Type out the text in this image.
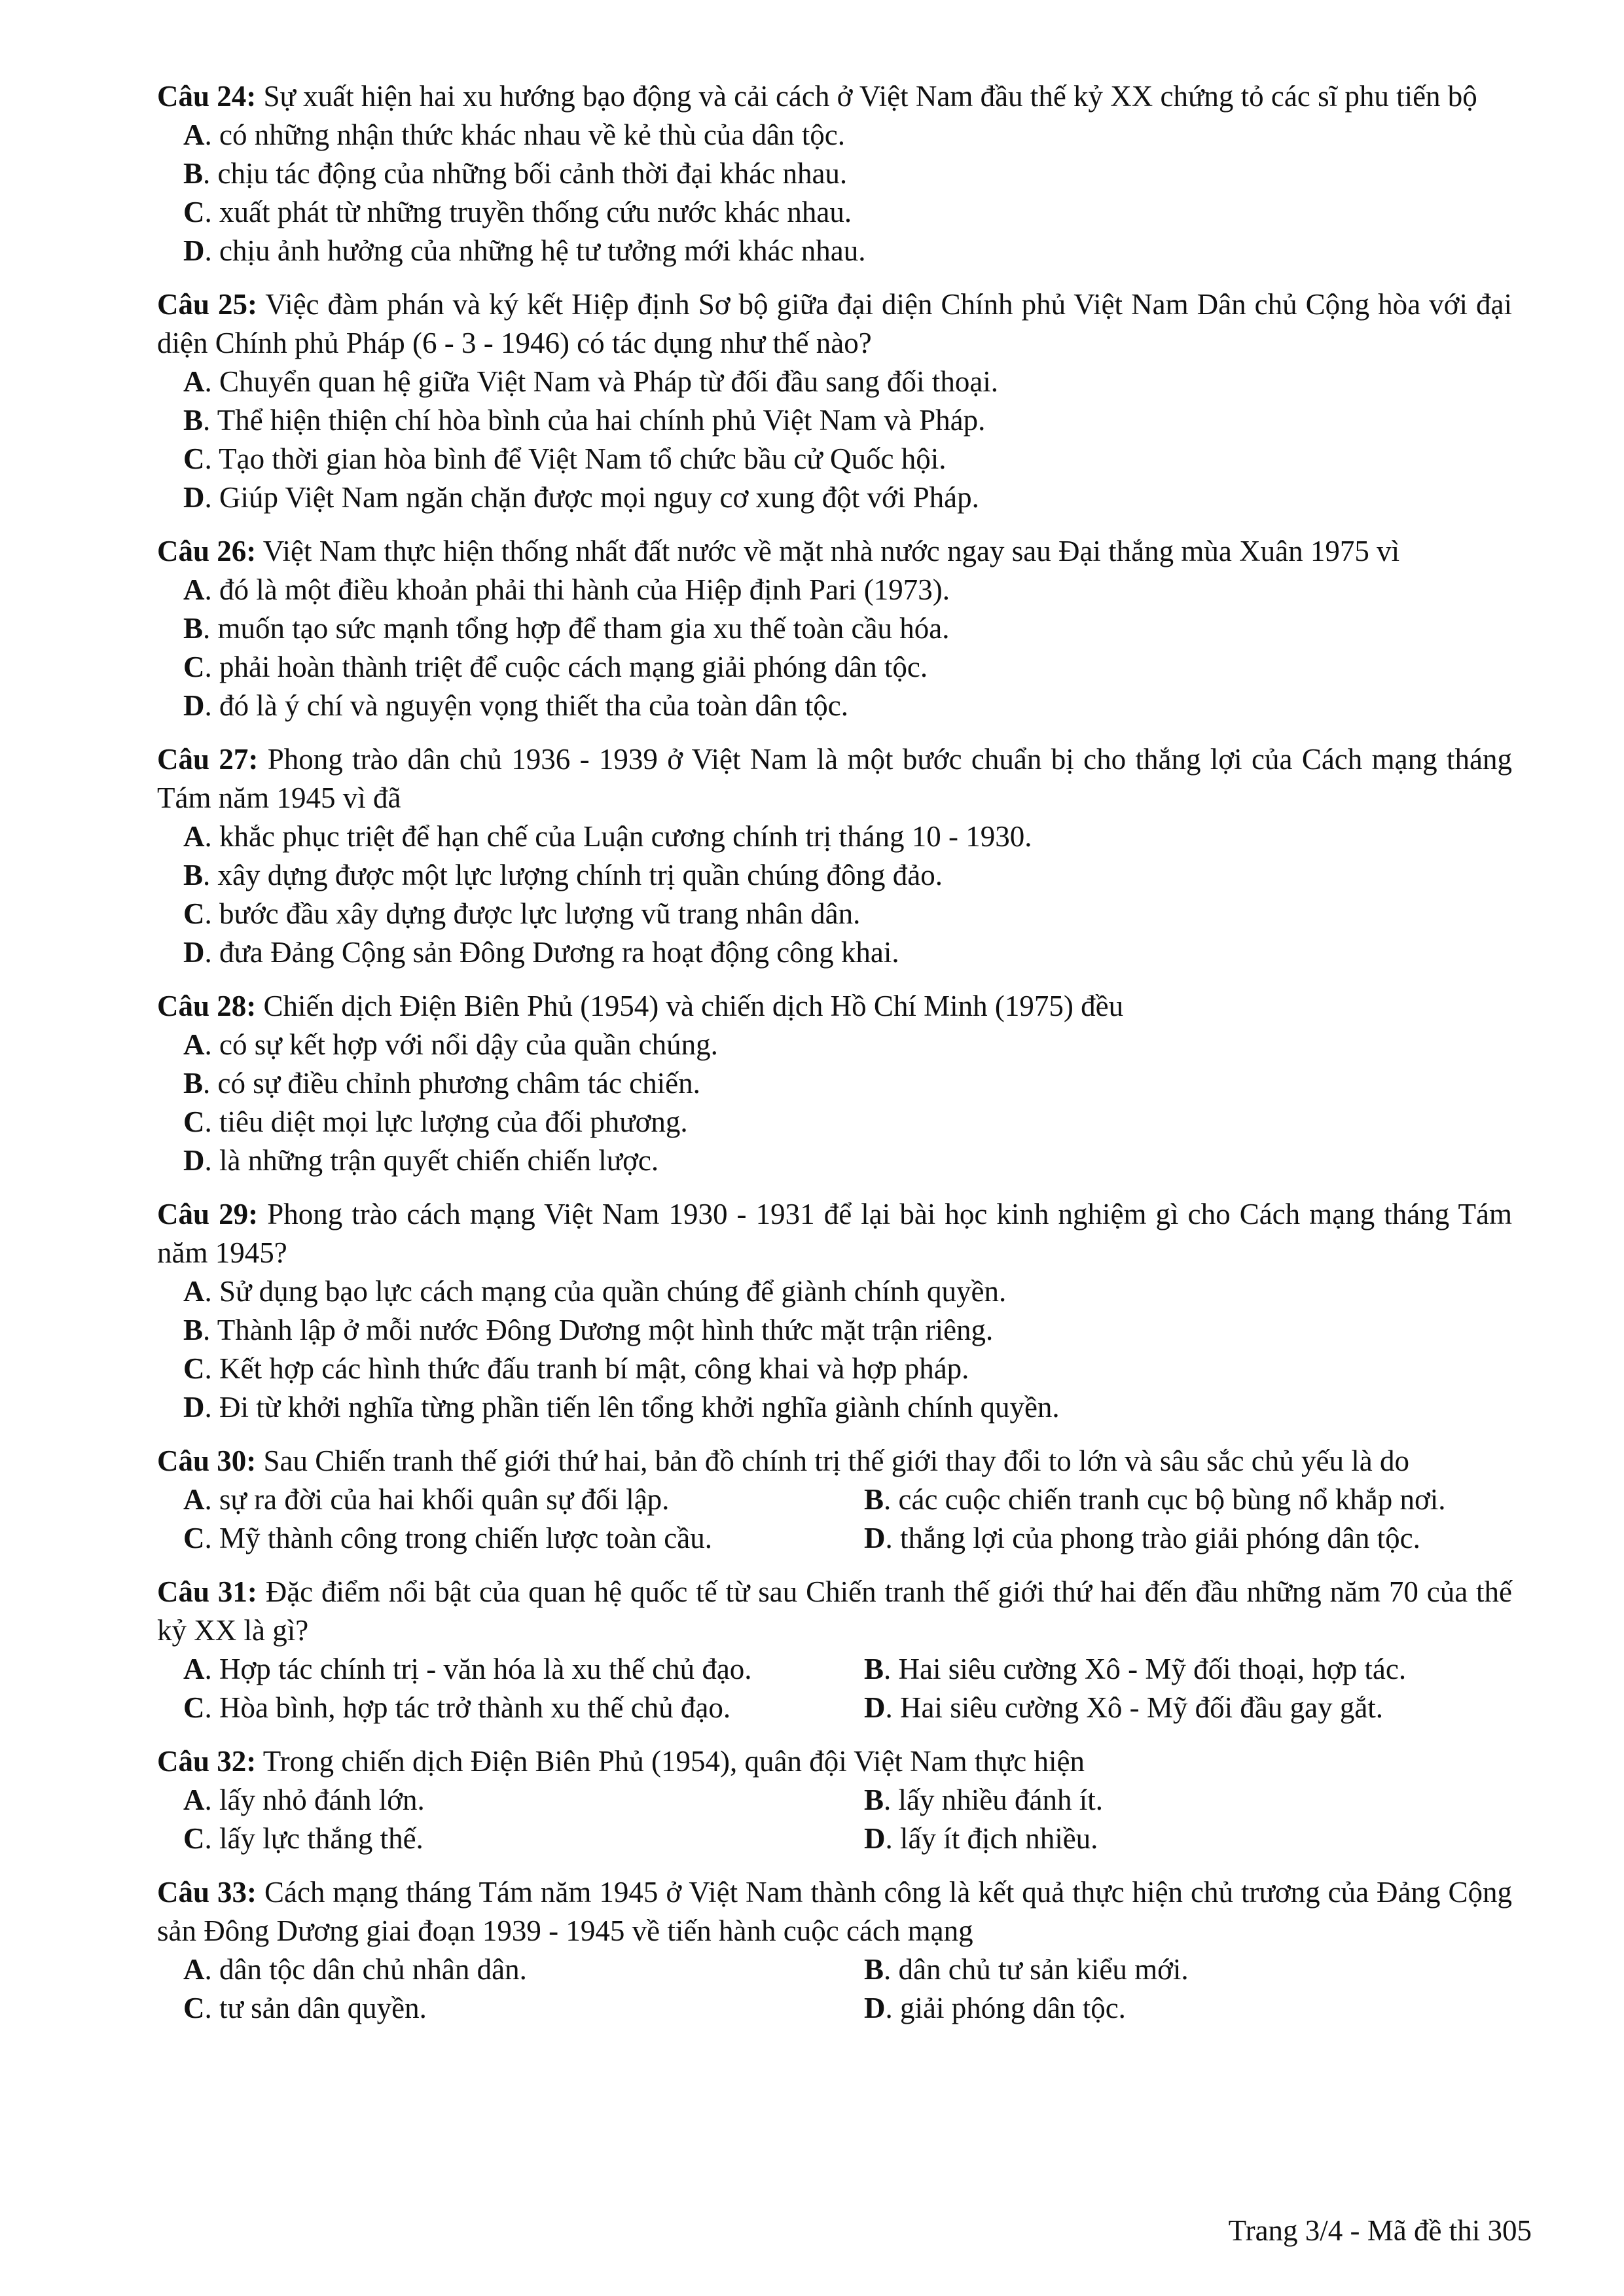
Câu 24: Sự xuất hiện hai xu hướng bạo động và cải cách ở Việt Nam đầu thế kỷ XX chứng tỏ các sĩ phu tiến bộ

A. có những nhận thức khác nhau về kẻ thù của dân tộc.
B. chịu tác động của những bối cảnh thời đại khác nhau.
C. xuất phát từ những truyền thống cứu nước khác nhau.
D. chịu ảnh hưởng của những hệ tư tưởng mới khác nhau.

Câu 25: Việc đàm phán và ký kết Hiệp định Sơ bộ giữa đại diện Chính phủ Việt Nam Dân chủ Cộng hòa với đại diện Chính phủ Pháp (6 - 3 - 1946) có tác dụng như thế nào?

A. Chuyển quan hệ giữa Việt Nam và Pháp từ đối đầu sang đối thoại.
B. Thể hiện thiện chí hòa bình của hai chính phủ Việt Nam và Pháp.
C. Tạo thời gian hòa bình để Việt Nam tổ chức bầu cử Quốc hội.
D. Giúp Việt Nam ngăn chặn được mọi nguy cơ xung đột với Pháp.

Câu 26: Việt Nam thực hiện thống nhất đất nước về mặt nhà nước ngay sau Đại thắng mùa Xuân 1975 vì

A. đó là một điều khoản phải thi hành của Hiệp định Pari (1973).
B. muốn tạo sức mạnh tổng hợp để tham gia xu thế toàn cầu hóa.
C. phải hoàn thành triệt để cuộc cách mạng giải phóng dân tộc.
D. đó là ý chí và nguyện vọng thiết tha của toàn dân tộc.

Câu 27: Phong trào dân chủ 1936 - 1939 ở Việt Nam là một bước chuẩn bị cho thắng lợi của Cách mạng tháng Tám năm 1945 vì đã

A. khắc phục triệt để hạn chế của Luận cương chính trị tháng 10 - 1930.
B. xây dựng được một lực lượng chính trị quần chúng đông đảo.
C. bước đầu xây dựng được lực lượng vũ trang nhân dân.
D. đưa Đảng Cộng sản Đông Dương ra hoạt động công khai.

Câu 28: Chiến dịch Điện Biên Phủ (1954) và chiến dịch Hồ Chí Minh (1975) đều

A. có sự kết hợp với nổi dậy của quần chúng.
B. có sự điều chỉnh phương châm tác chiến.
C. tiêu diệt mọi lực lượng của đối phương.
D. là những trận quyết chiến chiến lược.

Câu 29: Phong trào cách mạng Việt Nam 1930 - 1931 để lại bài học kinh nghiệm gì cho Cách mạng tháng Tám năm 1945?

A. Sử dụng bạo lực cách mạng của quần chúng để giành chính quyền.
B. Thành lập ở mỗi nước Đông Dương một hình thức mặt trận riêng.
C. Kết hợp các hình thức đấu tranh bí mật, công khai và hợp pháp.
D. Đi từ khởi nghĩa từng phần tiến lên tổng khởi nghĩa giành chính quyền.

Câu 30: Sau Chiến tranh thế giới thứ hai, bản đồ chính trị thế giới thay đổi to lớn và sâu sắc chủ yếu là do

A. sự ra đời của hai khối quân sự đối lập.	B. các cuộc chiến tranh cục bộ bùng nổ khắp nơi.
C. Mỹ thành công trong chiến lược toàn cầu.	D. thắng lợi của phong trào giải phóng dân tộc.

Câu 31: Đặc điểm nổi bật của quan hệ quốc tế từ sau Chiến tranh thế giới thứ hai đến đầu những năm 70 của thế kỷ XX là gì?

A. Hợp tác chính trị - văn hóa là xu thế chủ đạo.	B. Hai siêu cường Xô - Mỹ đối thoại, hợp tác.
C. Hòa bình, hợp tác trở thành xu thế chủ đạo.	D. Hai siêu cường Xô - Mỹ đối đầu gay gắt.

Câu 32: Trong chiến dịch Điện Biên Phủ (1954), quân đội Việt Nam thực hiện

A. lấy nhỏ đánh lớn.	B. lấy nhiều đánh ít.
C. lấy lực thắng thế.	D. lấy ít địch nhiều.

Câu 33: Cách mạng tháng Tám năm 1945 ở Việt Nam thành công là kết quả thực hiện chủ trương của Đảng Cộng sản Đông Dương giai đoạn 1939 - 1945 về tiến hành cuộc cách mạng

A. dân tộc dân chủ nhân dân.	B. dân chủ tư sản kiểu mới.
C. tư sản dân quyền.	D. giải phóng dân tộc.
Trang 3/4 - Mã đề thi 305
